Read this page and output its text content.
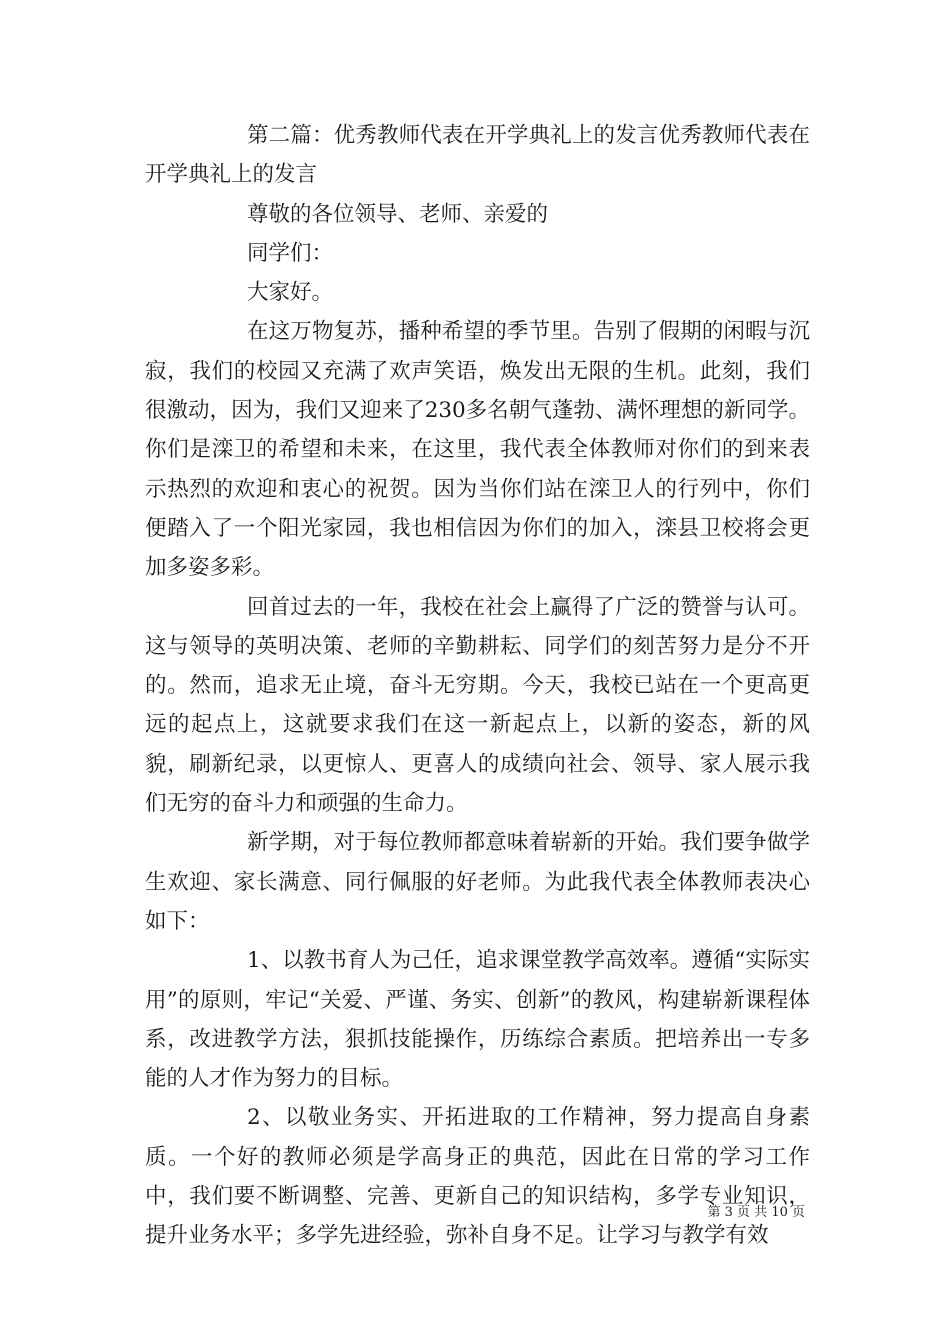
第二篇：优秀教师代表在开学典礼上的发言优秀教师代表在开学典礼上的发言

尊敬的各位领导、老师、亲爱的

同学们：

大家好。

在这万物复苏，播种希望的季节里。告别了假期的闲暇与沉寂，我们的校园又充满了欢声笑语，焕发出无限的生机。此刻，我们很激动，因为，我们又迎来了230多名朝气蓬勃、满怀理想的新同学。你们是滦卫的希望和未来，在这里，我代表全体教师对你们的到来表示热烈的欢迎和衷心的祝贺。因为当你们站在滦卫人的行列中，你们便踏入了一个阳光家园，我也相信因为你们的加入，滦县卫校将会更加多姿多彩。

回首过去的一年，我校在社会上赢得了广泛的赞誉与认可。这与领导的英明决策、老师的辛勤耕耘、同学们的刻苦努力是分不开的。然而，追求无止境，奋斗无穷期。今天，我校已站在一个更高更远的起点上，这就要求我们在这一新起点上，以新的姿态，新的风貌，刷新纪录，以更惊人、更喜人的成绩向社会、领导、家人展示我们无穷的奋斗力和顽强的生命力。

新学期，对于每位教师都意味着崭新的开始。我们要争做学生欢迎、家长满意、同行佩服的好老师。为此我代表全体教师表决心如下：

1、以教书育人为己任，追求课堂教学高效率。遵循“实际实用”的原则，牢记“关爱、严谨、务实、创新”的教风，构建崭新课程体系，改进教学方法，狠抓技能操作，历练综合素质。把培养出一专多能的人才作为努力的目标。

2、以敬业务实、开拓进取的工作精神，努力提高自身素质。一个好的教师必须是学高身正的典范，因此在日常的学习工作中，我们要不断调整、完善、更新自己的知识结构，多学专业知识，提升业务水平；多学先进经验，弥补自身不足。让学习与教学有效

第 3 页 共 10 页
